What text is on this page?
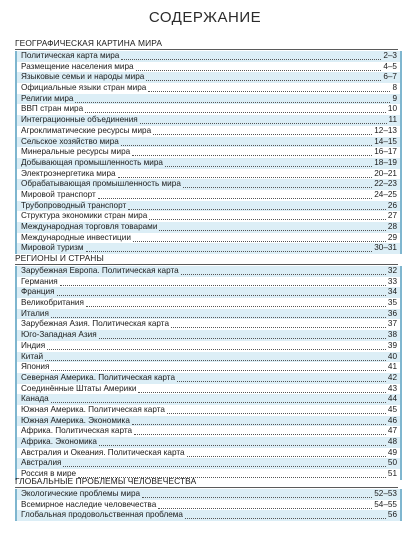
СОДЕРЖАНИЕ
ГЕОГРАФИЧЕСКАЯ КАРТИНА МИРА
Политическая карта мира	2–3
Размещение населения мира	4–5
Языковые семьи и народы мира	6–7
Официальные языки стран мира	8
Религии мира	9
ВВП стран мира	10
Интеграционные объединения	11
Агроклиматические ресурсы мира	12–13
Сельское хозяйство мира	14–15
Минеральные ресурсы мира	16–17
Добывающая промышленность мира	18–19
Электроэнергетика мира	20–21
Обрабатывающая промышленность мира	22–23
Мировой транспорт	24–25
Трубопроводный транспорт	26
Структура экономики стран мира	27
Международная торговля товарами	28
Международные инвестиции	29
Мировой туризм	30–31
РЕГИОНЫ И СТРАНЫ
Зарубежная Европа. Политическая карта	32
Германия	33
Франция	34
Великобритания	35
Италия	36
Зарубежная Азия. Политическая карта	37
Юго-Западная Азия	38
Индия	39
Китай	40
Япония	41
Северная Америка. Политическая карта	42
Соединённые Штаты Америки	43
Канада	44
Южная Америка. Политическая карта	45
Южная Америка. Экономика	46
Африка. Политическая карта	47
Африка. Экономика	48
Австралия и Океания. Политическая карта	49
Австралия	50
Россия в мире	51
ГЛОБАЛЬНЫЕ ПРОБЛЕМЫ ЧЕЛОВЕЧЕСТВА
Экологические проблемы мира	52–53
Всемирное наследие человечества	54–55
Глобальная продовольственная проблема	56
